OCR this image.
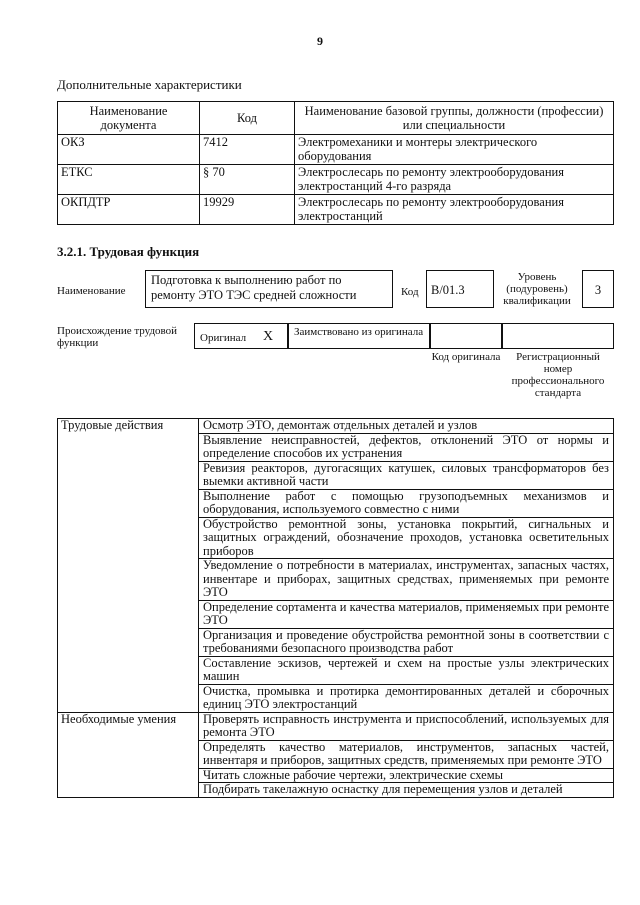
9
Дополнительные характеристики
Наименование документа	Код	Наименование базовой группы, должности (профессии) или специальности
ОКЗ	7412	Электромеханики и монтеры электрического оборудования
ЕТКС	§ 70	Электрослесарь по ремонту электрооборудования электростанций 4-го разряда
ОКПДТР	19929	Электрослесарь по ремонту электрооборудования электростанций
3.2.1. Трудовая функция
Наименование
Подготовка к выполнению работ по ремонту ЭТО ТЭС средней сложности	Код B/01.3
Уровень (подуровень) квалификации
3
Происхождение трудовой функции	Оригинал X	Заимствовано из оригинала
Код оригинала	Регистрационный номер профессионального стандарта
Трудовые действия	Осмотр ЭТО, демонтаж отдельных деталей и узлов
	Выявление неисправностей, дефектов, отклонений ЭТО от нормы и определение способов их устранения
	Ревизия реакторов, дугогасящих катушек, силовых трансформаторов без выемки активной части
	Выполнение работ с помощью грузоподъемных механизмов и оборудования, используемого совместно с ними
	Обустройство ремонтной зоны, установка покрытий, сигнальных и защитных ограждений, обозначение проходов, установка осветительных приборов
	Уведомление о потребности в материалах, инструментах, запасных частях, инвентаре и приборах, защитных средствах, применяемых при ремонте ЭТО
	Определение сортамента и качества материалов, применяемых при ремонте ЭТО
	Организация и проведение обустройства ремонтной зоны в соответствии с требованиями безопасного производства работ
	Составление эскизов, чертежей и схем на простые узлы электрических машин
	Очистка, промывка и протирка демонтированных деталей и сборочных единиц ЭТО электростанций
Необходимые умения	Проверять исправность инструмента и приспособлений, используемых для ремонта ЭТО
	Определять качество материалов, инструментов, запасных частей, инвентаря и приборов, защитных средств, применяемых при ремонте ЭТО
	Читать сложные рабочие чертежи, электрические схемы
	Подбирать такелажную оснастку для перемещения узлов и деталей
